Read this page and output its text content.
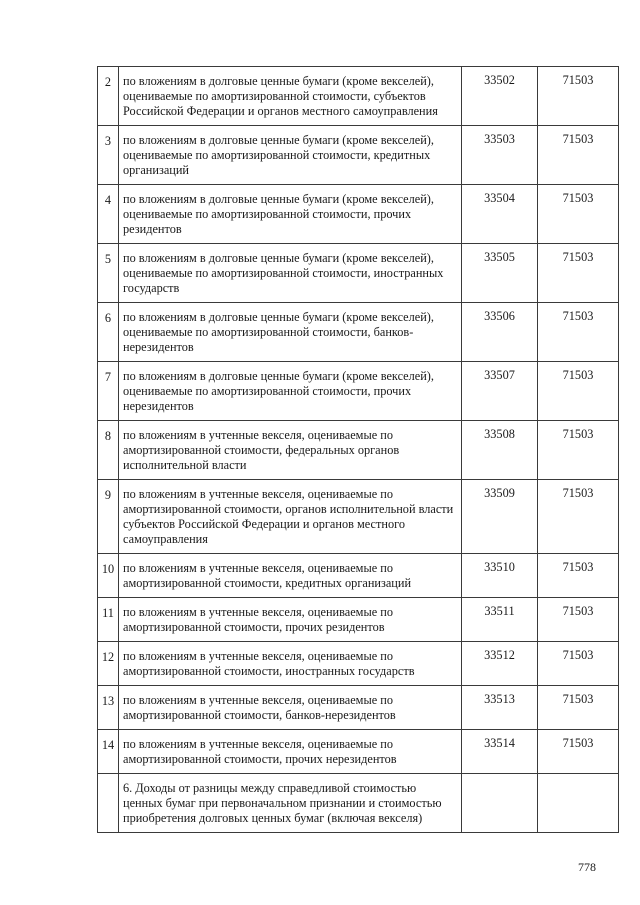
2	по вложениям в долговые ценные бумаги (кроме векселей), оцениваемые по амортизированной стоимости, субъектов Российской Федерации и органов местного самоуправления	33502	71503
3	по вложениям в долговые ценные бумаги (кроме векселей), оцениваемые по амортизированной стоимости, кредитных организаций	33503	71503
4	по вложениям в долговые ценные бумаги (кроме векселей), оцениваемые по амортизированной стоимости, прочих резидентов	33504	71503
5	по вложениям в долговые ценные бумаги (кроме векселей), оцениваемые по амортизированной стоимости, иностранных государств	33505	71503
6	по вложениям в долговые ценные бумаги (кроме векселей), оцениваемые по амортизированной стоимости, банков-нерезидентов	33506	71503
7	по вложениям в долговые ценные бумаги (кроме векселей), оцениваемые по амортизированной стоимости, прочих нерезидентов	33507	71503
8	по вложениям в учтенные векселя, оцениваемые по амортизированной стоимости, федеральных органов исполнительной власти	33508	71503
9	по вложениям в учтенные векселя, оцениваемые по амортизированной стоимости, органов исполнительной власти субъектов Российской Федерации и органов местного самоуправления	33509	71503
10	по вложениям в учтенные векселя, оцениваемые по амортизированной стоимости, кредитных организаций	33510	71503
11	по вложениям в учтенные векселя, оцениваемые по амортизированной стоимости, прочих резидентов	33511	71503
12	по вложениям в учтенные векселя, оцениваемые по амортизированной стоимости, иностранных государств	33512	71503
13	по вложениям в учтенные векселя, оцениваемые по амортизированной стоимости, банков-нерезидентов	33513	71503
14	по вложениям в учтенные векселя, оцениваемые по амортизированной стоимости, прочих нерезидентов	33514	71503
	6. Доходы от разницы между справедливой стоимостью ценных бумаг при первоначальном признании и стоимостью приобретения долговых ценных бумаг (включая векселя)		
778
